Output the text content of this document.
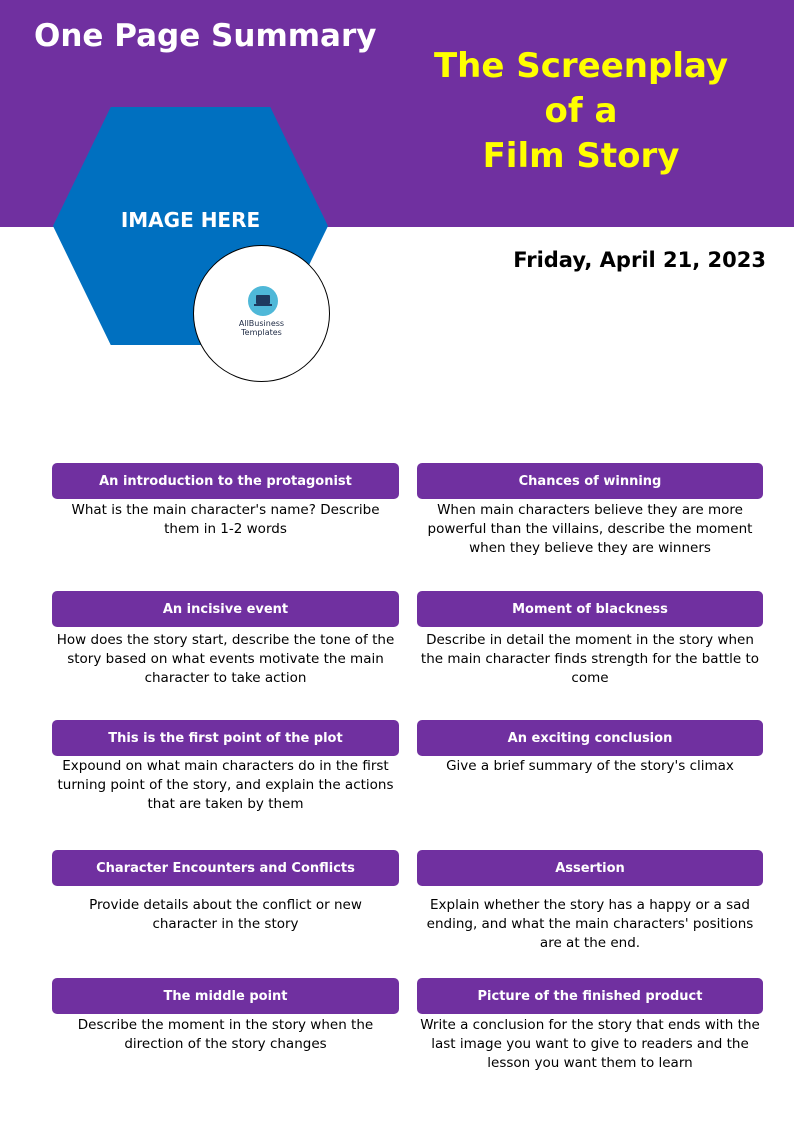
One Page Summary
The Screenplay
of a
Film Story
IMAGE HERE
AllBusiness
Templates
Friday, April 21, 2023
An introduction to the protagonist
What is the main character's name? Describe them in 1-2 words
Chances of winning
When main characters believe they are more powerful than the villains, describe the moment when they believe they are winners
An incisive event
How does the story start, describe the tone of the story based on what events motivate the main character to take action
Moment of blackness
Describe in detail the moment in the story when the main character finds strength for the battle to come
This is the first point of the plot
Expound on what main characters do in the first turning point of the story, and explain the actions that are taken by them
An exciting conclusion
Give a brief summary of the story's climax
Character Encounters and Conflicts
Provide details about the conflict or new character in the story
Assertion
Explain whether the story has a happy or a sad ending, and what the main characters' positions are at the end.
The middle point
Describe the moment in the story when the direction of the story changes
Picture of the finished product
Write a conclusion for the story that ends with the last image you want to give to readers and the lesson you want them to learn
